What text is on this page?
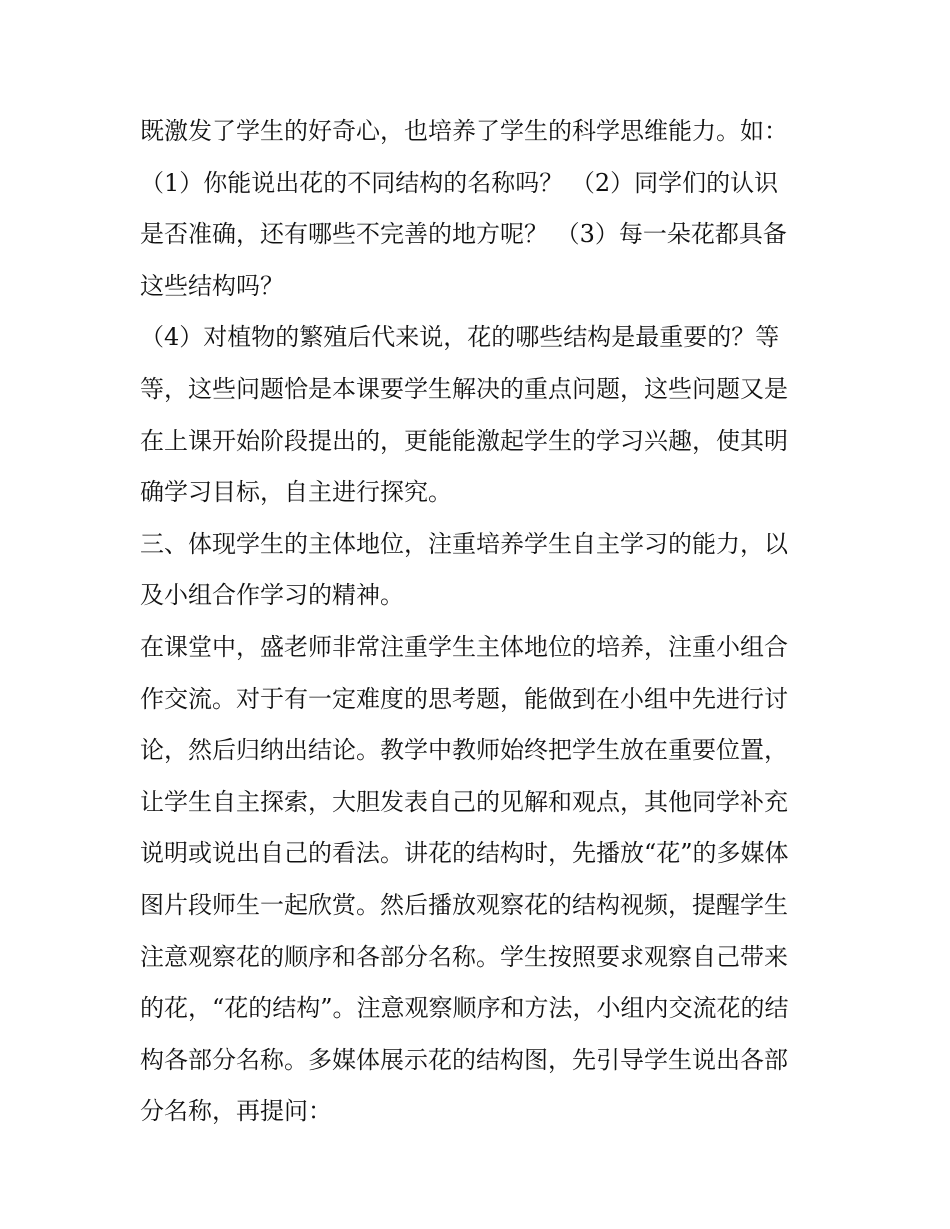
既激发了学生的好奇心，也培养了学生的科学思维能力。如：
（1）你能说出花的不同结构的名称吗？ （2）同学们的认识
是否准确，还有哪些不完善的地方呢？ （3）每一朵花都具备
这些结构吗？
（4）对植物的繁殖后代来说，花的哪些结构是最重要的？等
等，这些问题恰是本课要学生解决的重点问题，这些问题又是
在上课开始阶段提出的，更能能激起学生的学习兴趣，使其明
确学习目标，自主进行探究。
三、体现学生的主体地位，注重培养学生自主学习的能力，以
及小组合作学习的精神。
在课堂中，盛老师非常注重学生主体地位的培养，注重小组合
作交流。对于有一定难度的思考题，能做到在小组中先进行讨
论，然后归纳出结论。教学中教师始终把学生放在重要位置，
让学生自主探索，大胆发表自己的见解和观点，其他同学补充
说明或说出自己的看法。讲花的结构时，先播放“花”的多媒体
图片段师生一起欣赏。然后播放观察花的结构视频，提醒学生
注意观察花的顺序和各部分名称。学生按照要求观察自己带来
的花，“花的结构”。注意观察顺序和方法，小组内交流花的结
构各部分名称。多媒体展示花的结构图，先引导学生说出各部
分名称，再提问：
